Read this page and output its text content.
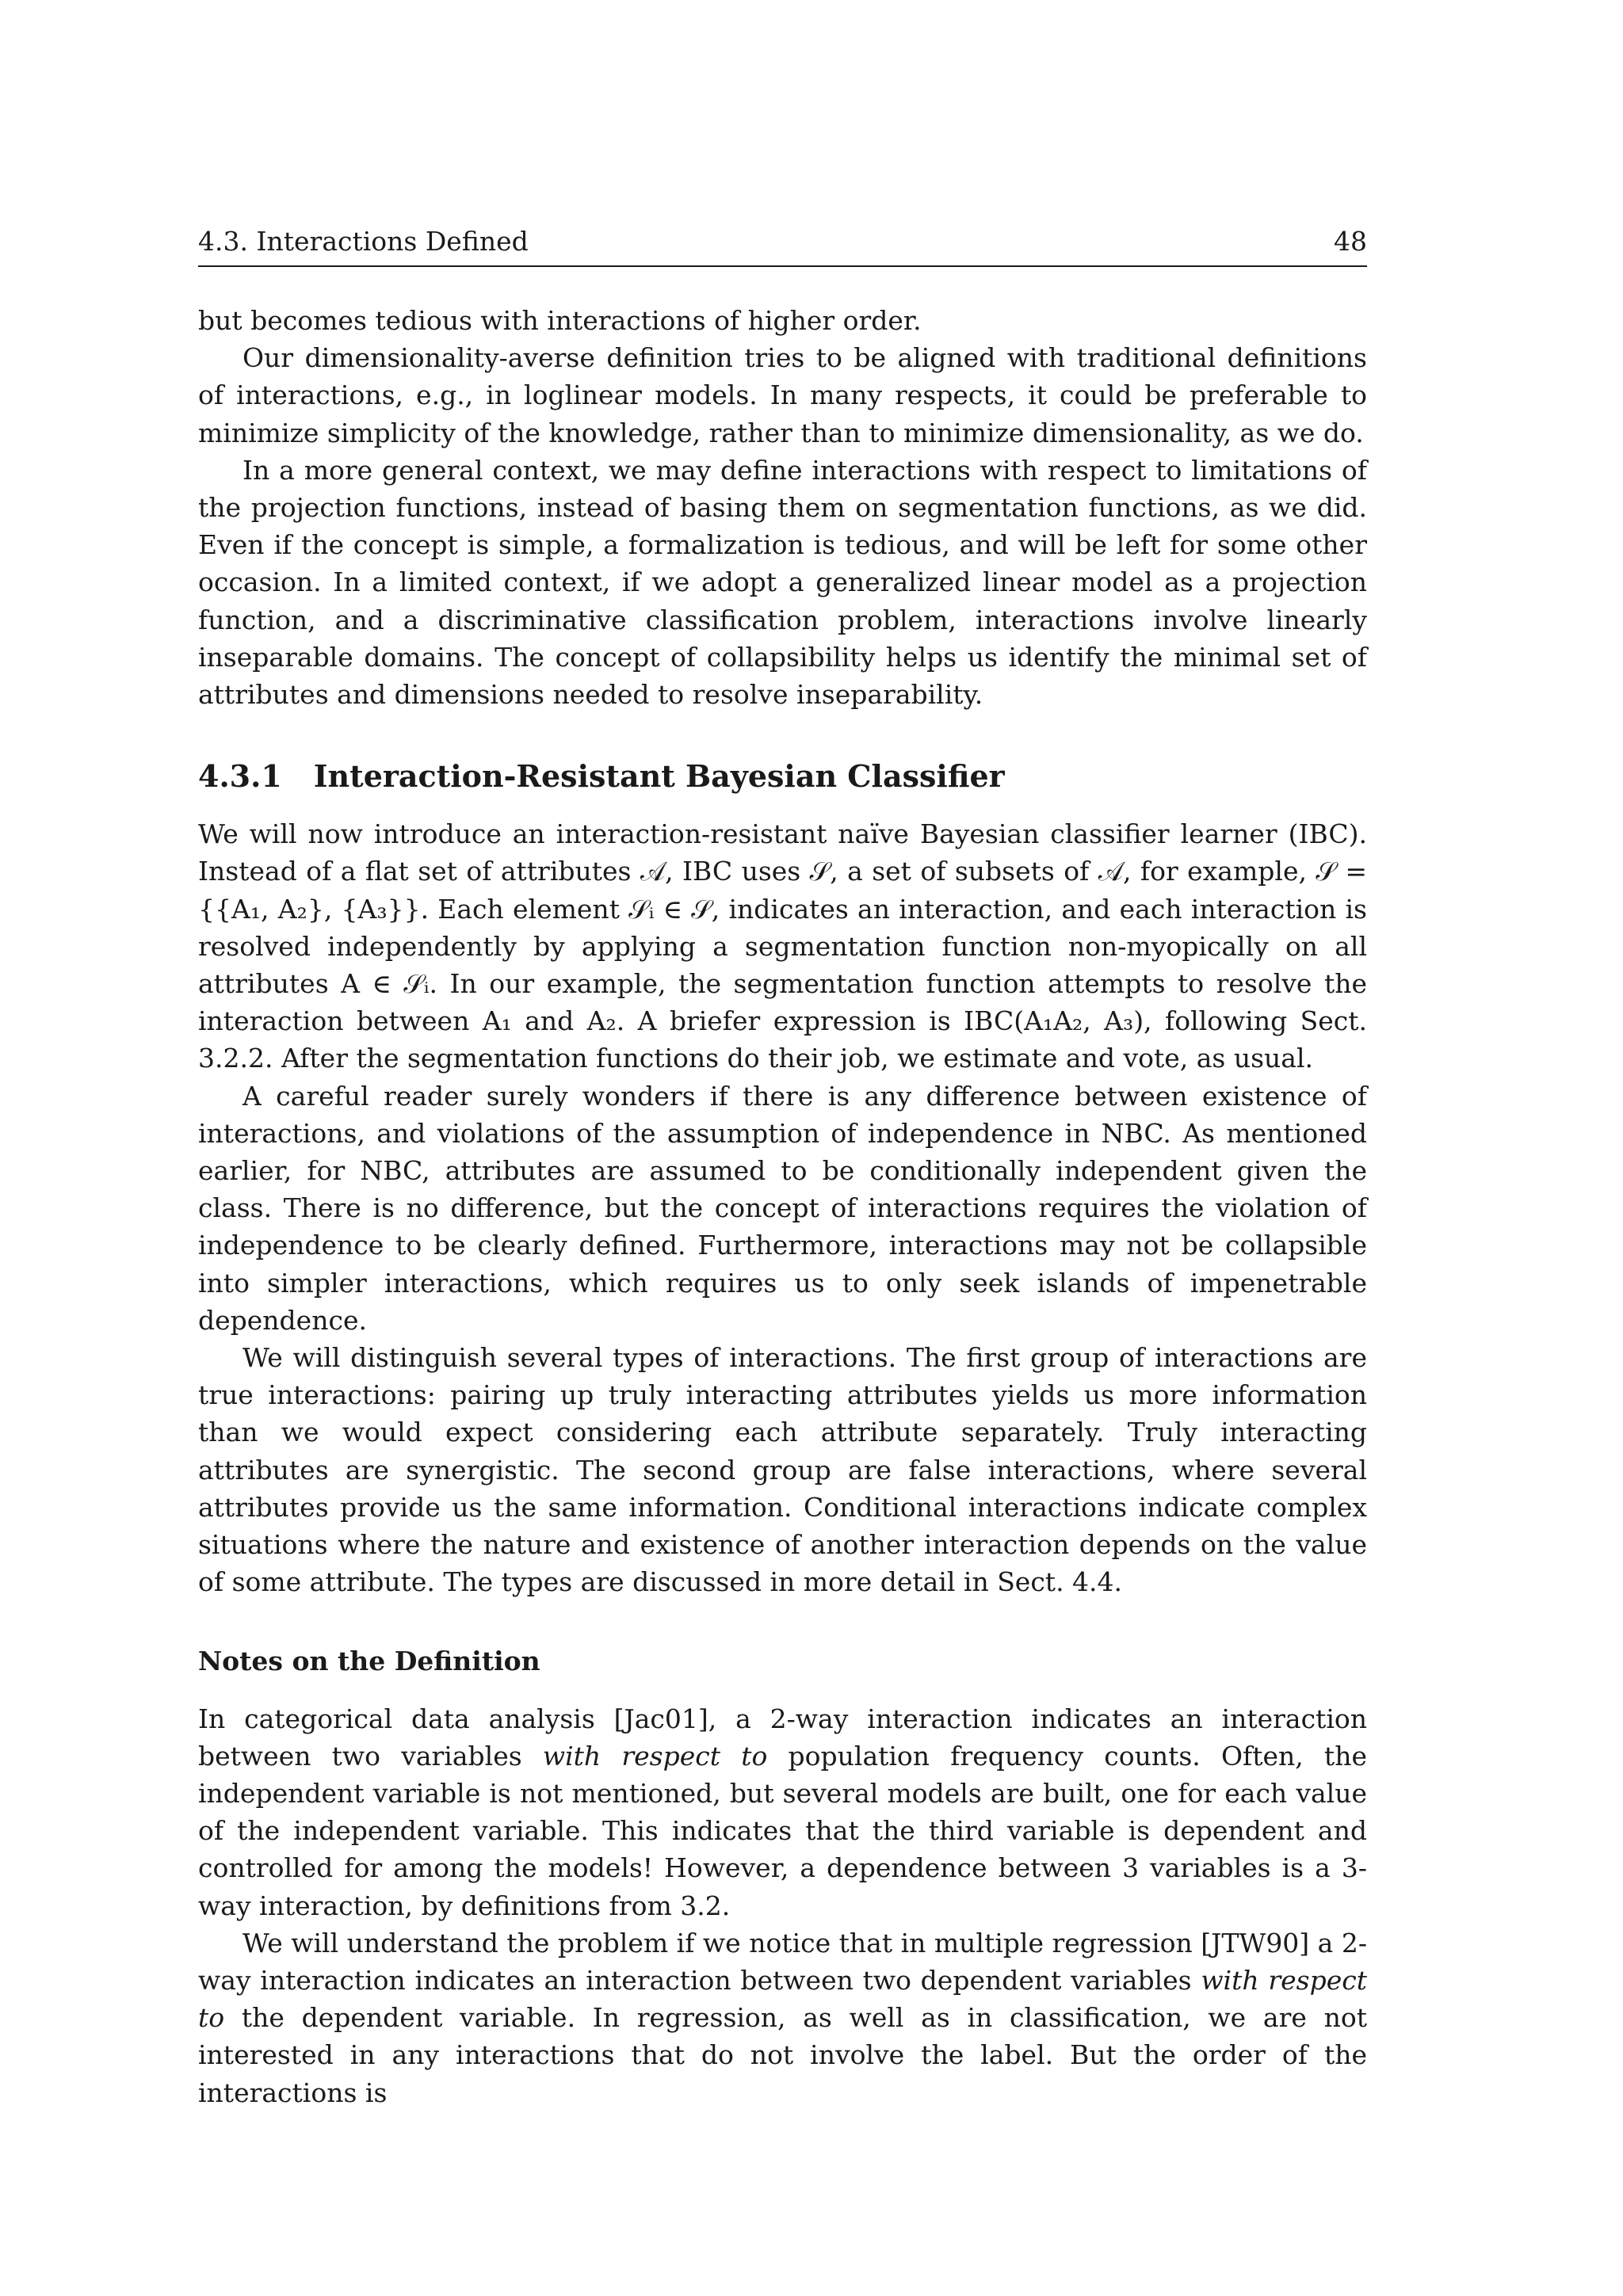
4.3. Interactions Defined	48

but becomes tedious with interactions of higher order.

Our dimensionality-averse definition tries to be aligned with traditional definitions of interactions, e.g., in loglinear models. In many respects, it could be preferable to minimize simplicity of the knowledge, rather than to minimize dimensionality, as we do.

In a more general context, we may define interactions with respect to limitations of the projection functions, instead of basing them on segmentation functions, as we did. Even if the concept is simple, a formalization is tedious, and will be left for some other occasion. In a limited context, if we adopt a generalized linear model as a projection function, and a discriminative classification problem, interactions involve linearly inseparable domains. The concept of collapsibility helps us identify the minimal set of attributes and dimensions needed to resolve inseparability.

4.3.1 Interaction-Resistant Bayesian Classifier

We will now introduce an interaction-resistant naïve Bayesian classifier learner (IBC). Instead of a flat set of attributes 𝒜, IBC uses 𝒮, a set of subsets of 𝒜, for example, 𝒮 = {{A₁, A₂}, {A₃}}. Each element 𝒮ᵢ ∈ 𝒮, indicates an interaction, and each interaction is resolved independently by applying a segmentation function non-myopically on all attributes A ∈ 𝒮ᵢ. In our example, the segmentation function attempts to resolve the interaction between A₁ and A₂. A briefer expression is IBC(A₁A₂, A₃), following Sect. 3.2.2. After the segmentation functions do their job, we estimate and vote, as usual.

A careful reader surely wonders if there is any difference between existence of interactions, and violations of the assumption of independence in NBC. As mentioned earlier, for NBC, attributes are assumed to be conditionally independent given the class. There is no difference, but the concept of interactions requires the violation of independence to be clearly defined. Furthermore, interactions may not be collapsible into simpler interactions, which requires us to only seek islands of impenetrable dependence.

We will distinguish several types of interactions. The first group of interactions are true interactions: pairing up truly interacting attributes yields us more information than we would expect considering each attribute separately. Truly interacting attributes are synergistic. The second group are false interactions, where several attributes provide us the same information. Conditional interactions indicate complex situations where the nature and existence of another interaction depends on the value of some attribute. The types are discussed in more detail in Sect. 4.4.

Notes on the Definition

In categorical data analysis [Jac01], a 2-way interaction indicates an interaction between two variables with respect to population frequency counts. Often, the independent variable is not mentioned, but several models are built, one for each value of the independent variable. This indicates that the third variable is dependent and controlled for among the models! However, a dependence between 3 variables is a 3-way interaction, by definitions from 3.2.

We will understand the problem if we notice that in multiple regression [JTW90] a 2-way interaction indicates an interaction between two dependent variables with respect to the dependent variable. In regression, as well as in classification, we are not interested in any interactions that do not involve the label. But the order of the interactions is
